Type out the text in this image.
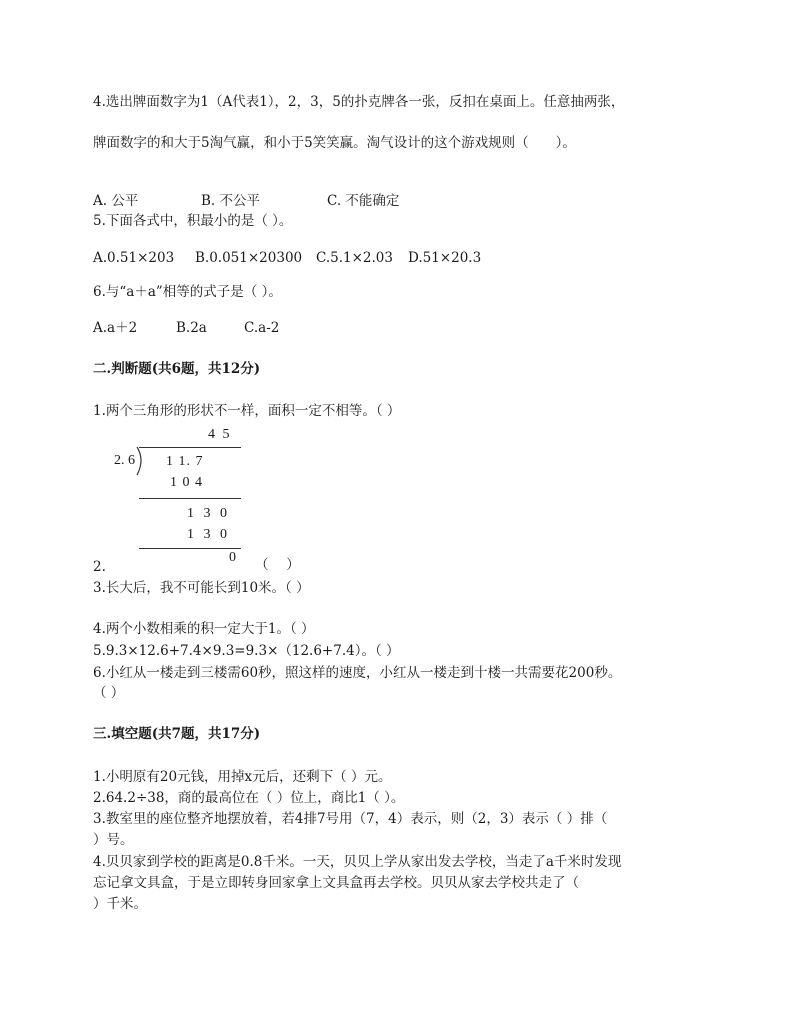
4.选出牌面数字为1（A代表1），2，3，5的扑克牌各一张，反扣在桌面上。任意抽两张，
牌面数字的和大于5淘气赢，和小于5笑笑赢。淘气设计的这个游戏规则（　　）。
A. 公平	B. 不公平	C. 不能确定
5.下面各式中，积最小的是（ ）。
A.0.51×203 B.0.051×20300 C.5.1×2.03 D.51×20.3
6.与“a＋a”相等的式子是（ ）。
A.a＋2	B.2a	C.a-2
二.判断题(共6题，共12分)
1.两个三角形的形状不一样，面积一定不相等。（ ）
4 5
2. 6 1 1. 7
1 0 4
1 3 0
1 3 0
0
2.	（　 ）
3.长大后，我不可能长到10米。（ ）
4.两个小数相乘的积一定大于1。（ ）
5.9.3×12.6+7.4×9.3=9.3×（12.6+7.4）。（ ）
6.小红从一楼走到三楼需60秒，照这样的速度，小红从一楼走到十楼一共需要花200秒。
（ ）
三.填空题(共7题，共17分)
1.小明原有20元钱，用掉x元后，还剩下（ ）元。
2.64.2÷38，商的最高位在（ ）位上，商比1（ ）。
3.教室里的座位整齐地摆放着，若4排7号用（7，4）表示，则（2，3）表示（ ）排（
）号。
4.贝贝家到学校的距离是0.8千米。一天，贝贝上学从家出发去学校，当走了a千米时发现
忘记拿文具盒，于是立即转身回家拿上文具盒再去学校。贝贝从家去学校共走了（
）千米。
